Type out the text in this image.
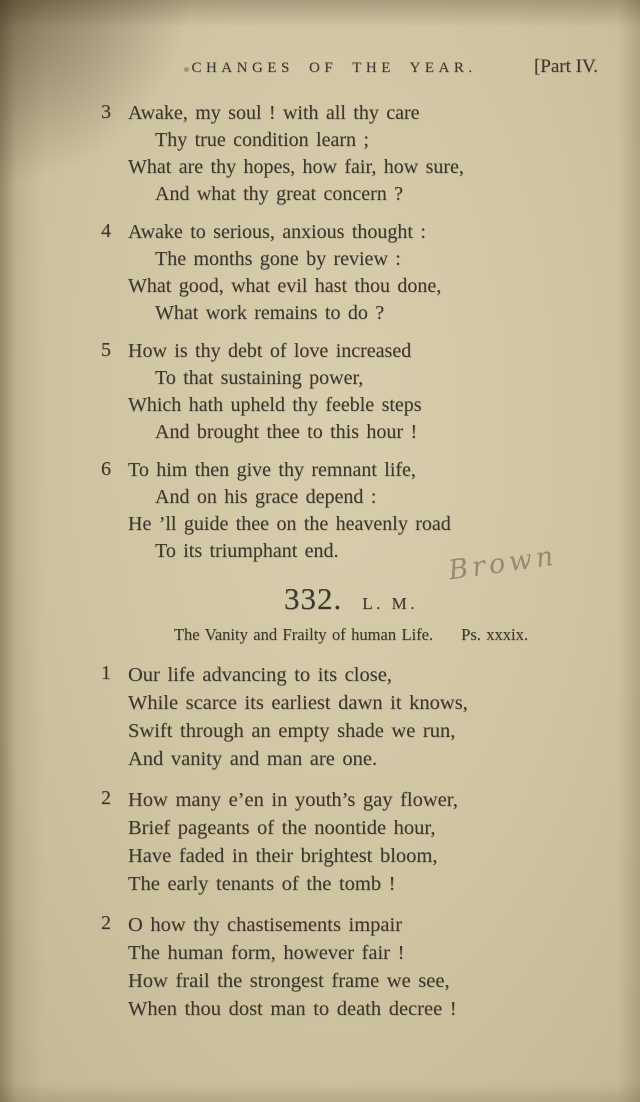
CHANGES OF THE YEAR.	[Part IV.
3 Awake, my soul ! with all thy care
Thy true condition learn ;
What are thy hopes, how fair, how sure,
And what thy great concern ?
4 Awake to serious, anxious thought :
The months gone by review :
What good, what evil hast thou done,
What work remains to do ?
5 How is thy debt of love increased
To that sustaining power,
Which hath upheld thy feeble steps
And brought thee to this hour !
6 To him then give thy remnant life,
And on his grace depend :
He ’ll guide thee on the heavenly road
To its triumphant end.
332. L. M.
The Vanity and Frailty of human Life. Ps. xxxix.
1 Our life advancing to its close,
While scarce its earliest dawn it knows,
Swift through an empty shade we run,
And vanity and man are one.
2 How many e’en in youth’s gay flower,
Brief pageants of the noontide hour,
Have faded in their brightest bloom,
The early tenants of the tomb !
2 O how thy chastisements impair
The human form, however fair !
How frail the strongest frame we see,
When thou dost man to death decree !
Brown
